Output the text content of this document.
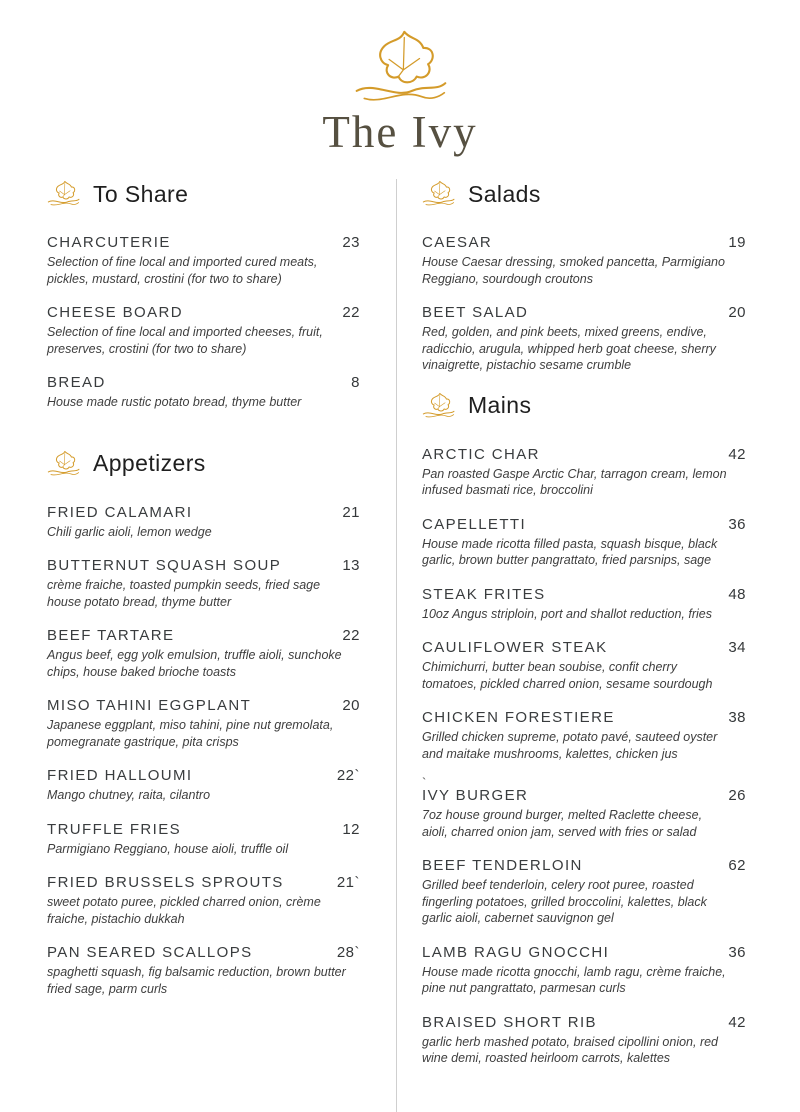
The Ivy
To Share
CHARCUTERIE	23

Selection of fine local and imported cured meats, pickles, mustard, crostini (for two to share)

CHEESE BOARD	22

Selection of fine local and imported cheeses, fruit, preserves, crostini (for two to share)

BREAD	8

House made rustic potato bread, thyme butter

Appetizers
FRIED CALAMARI	21

Chili garlic aioli, lemon wedge

BUTTERNUT SQUASH SOUP	13

crème fraiche, toasted pumpkin seeds, fried sage house potato bread, thyme butter

BEEF TARTARE	22

Angus beef, egg yolk emulsion, truffle aioli, sunchoke chips, house baked brioche toasts

MISO TAHINI EGGPLANT	20

Japanese eggplant, miso tahini, pine nut gremolata, pomegranate gastrique, pita crisps

FRIED HALLOUMI	22`

Mango chutney, raita, cilantro

TRUFFLE FRIES	12

Parmigiano Reggiano, house aioli, truffle oil

FRIED BRUSSELS SPROUTS	21`

sweet potato puree, pickled charred onion, crème fraiche, pistachio dukkah

PAN SEARED SCALLOPS	28`

spaghetti squash, fig balsamic reduction, brown butter fried sage, parm curls

Salads
CAESAR	19

House Caesar dressing, smoked pancetta, Parmigiano Reggiano, sourdough croutons

BEET SALAD	20

Red, golden, and pink beets, mixed greens, endive, radicchio, arugula, whipped herb goat cheese, sherry vinaigrette, pistachio sesame crumble

Mains
ARCTIC CHAR	42

Pan roasted Gaspe Arctic Char, tarragon cream, lemon infused basmati rice, broccolini

CAPELLETTI	36

House made ricotta filled pasta, squash bisque, black garlic, brown butter pangrattato, fried parsnips, sage

STEAK FRITES	48

10oz Angus striploin, port and shallot reduction, fries

CAULIFLOWER STEAK	34

Chimichurri, butter bean soubise, confit cherry tomatoes, pickled charred onion, sesame sourdough

CHICKEN FORESTIERE	38

Grilled chicken supreme, potato pavé, sauteed oyster and maitake mushrooms, kalettes, chicken jus

`
IVY BURGER	26

7oz house ground burger, melted Raclette cheese, aioli, charred onion jam, served with fries or salad

BEEF TENDERLOIN	62

Grilled beef tenderloin, celery root puree, roasted fingerling potatoes, grilled broccolini, kalettes, black garlic aioli, cabernet sauvignon gel

LAMB RAGU GNOCCHI	36

House made ricotta gnocchi, lamb ragu, crème fraiche, pine nut pangrattato, parmesan curls

BRAISED SHORT RIB	42

garlic herb mashed potato, braised cipollini onion, red wine demi, roasted heirloom carrots, kalettes
